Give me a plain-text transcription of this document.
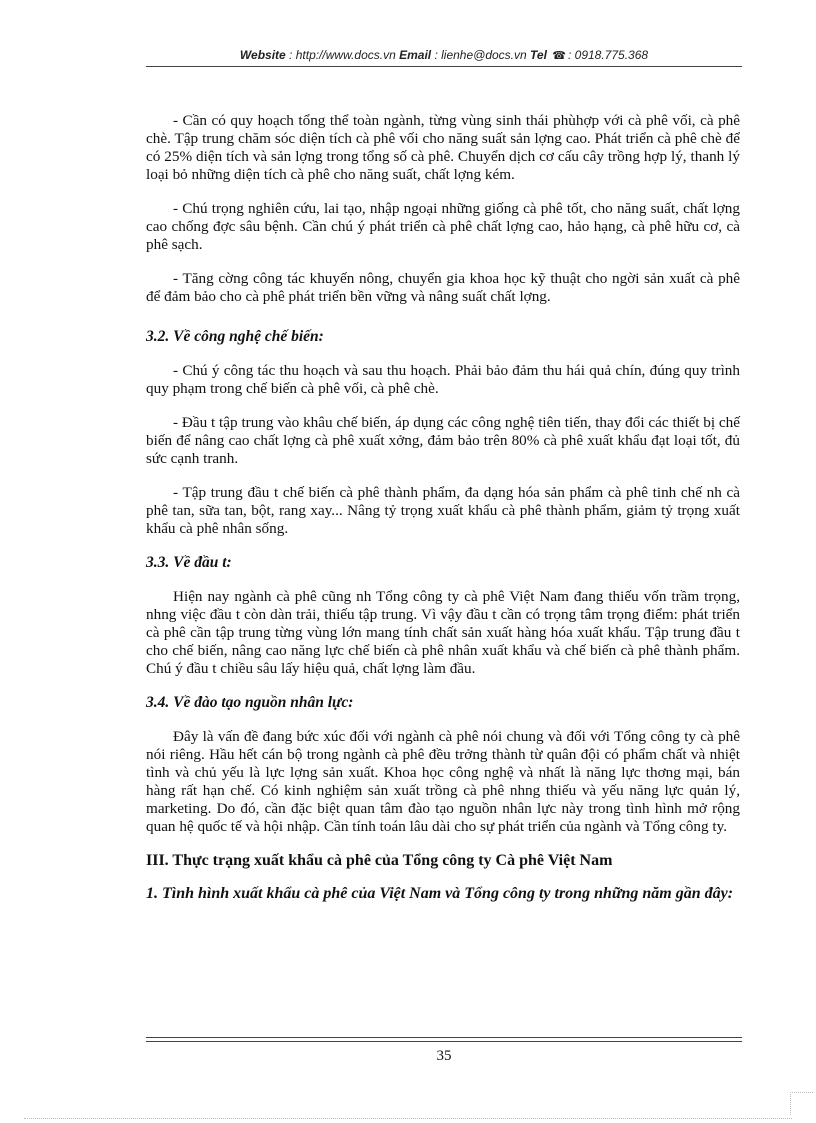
Website : http://www.docs.vn Email : lienhe@docs.vn Tel ☎ : 0918.775.368

- Cần có quy hoạch tổng thể toàn ngành, từng vùng sinh thái phùhợp với cà phê vối, cà phê chè. Tập trung chăm sóc diện tích cà phê vối cho năng suất sản lợng cao. Phát triển cà phê chè để có 25% diện tích và sản lợng trong tổng số cà phê. Chuyển dịch cơ cấu cây trồng hợp lý, thanh lý loại bỏ những diện tích cà phê cho năng suất, chất lợng kém.

- Chú trọng nghiên cứu, lai tạo, nhập ngoại những giống cà phê tốt, cho năng suất, chất lợng cao chống đợc sâu bệnh. Cần chú ý phát triển cà phê chất lợng cao, hảo hạng, cà phê hữu cơ, cà phê sạch.

- Tăng cờng công tác khuyến nông, chuyển gia khoa học kỹ thuật cho ngời sản xuất cà phê để đảm bảo cho cà phê phát triển bền vững và nâng suất chất lợng.

3.2. Về công nghệ chế biến:

- Chú ý công tác thu hoạch và sau thu hoạch. Phải bảo đảm thu hái quả chín, đúng quy trình quy phạm trong chế biến cà phê vối, cà phê chè.

- Đầu t tập trung vào khâu chế biến, áp dụng các công nghệ tiên tiến, thay đổi các thiết bị chế biến để nâng cao chất lợng cà phê xuất xởng, đảm bảo trên 80% cà phê xuất khẩu đạt loại tốt, đủ sức cạnh tranh.

- Tập trung đầu t chế biến cà phê thành phẩm, đa dạng hóa sản phẩm cà phê tinh chế nh cà phê tan, sữa tan, bột, rang xay... Nâng tỷ trọng xuất khẩu cà phê thành phẩm, giảm tỷ trọng xuất khẩu cà phê nhân sống.

3.3. Về đầu t:

Hiện nay ngành cà phê cũng nh Tổng công ty cà phê Việt Nam đang thiếu vốn trầm trọng, nhng việc đầu t còn dàn trải, thiếu tập trung. Vì vậy đầu t cần có trọng tâm trọng điểm: phát triển cà phê cần tập trung từng vùng lớn mang tính chất sản xuất hàng hóa xuất khẩu. Tập trung đầu t cho chế biến, nâng cao năng lực chế biến cà phê nhân xuất khẩu và chế biến cà phê thành phẩm. Chú ý đầu t chiều sâu lấy hiệu quả, chất lợng làm đầu.

3.4. Về đào tạo nguồn nhân lực:

Đây là vấn đề đang bức xúc đối với ngành cà phê nói chung và đối với Tổng công ty cà phê nói riêng. Hầu hết cán bộ trong ngành cà phê đều trởng thành từ quân đội có phẩm chất và nhiệt tình và chủ yếu là lực lợng sản xuất. Khoa học công nghệ và nhất là năng lực thơng mại, bán hàng rất hạn chế. Có kinh nghiệm sản xuất trồng cà phê nhng thiếu và yếu năng lực quản lý, marketing. Do đó, cần đặc biệt quan tâm đào tạo nguồn nhân lực này trong tình hình mở rộng quan hệ quốc tế và hội nhập. Cần tính toán lâu dài cho sự phát triển của ngành và Tổng công ty.

III. Thực trạng xuất khẩu cà phê của Tổng công ty Cà phê Việt Nam
1. Tình hình xuất khẩu cà phê của Việt Nam và Tổng công ty trong những năm gần đây:
35
